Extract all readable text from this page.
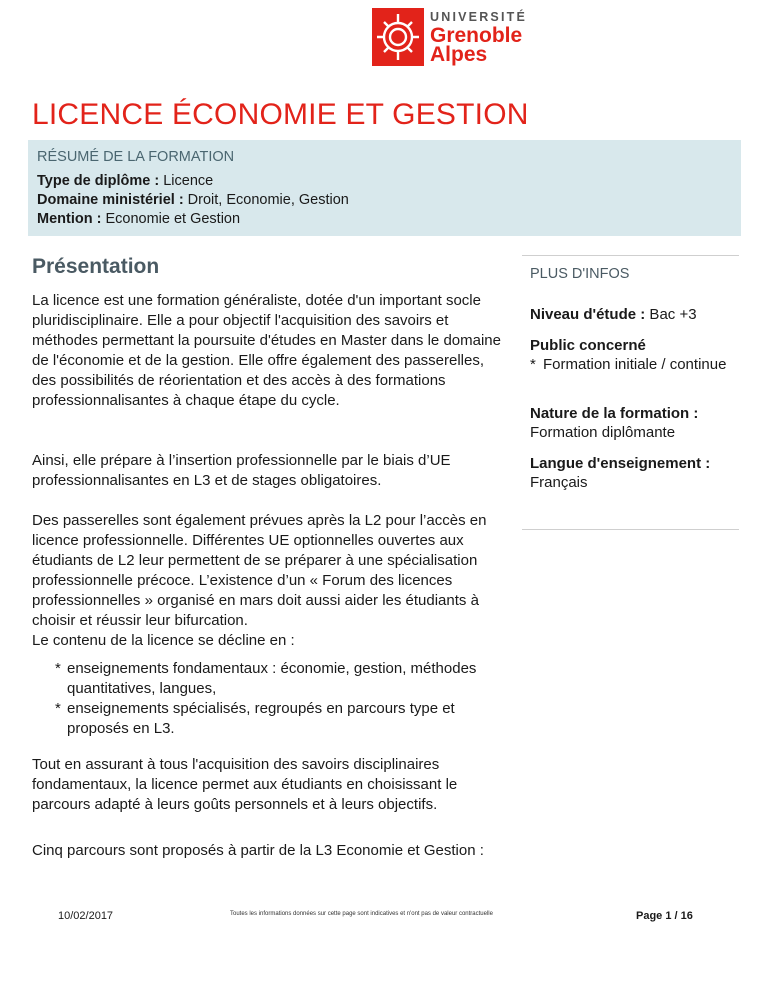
UNIVERSITÉ
Grenoble
Alpes
LICENCE ÉCONOMIE ET GESTION
RÉSUMÉ DE LA FORMATION
Type de diplôme : Licence
Domaine ministériel : Droit, Economie, Gestion
Mention : Economie et Gestion
Présentation

La licence est une formation généraliste, dotée d'un important socle pluridisciplinaire. Elle a pour objectif l'acquisition des savoirs et méthodes permettant la poursuite d'études en Master dans le domaine de l'économie et de la gestion. Elle offre également des passerelles, des possibilités de réorientation et des accès à des formations professionnalisantes à chaque étape du cycle.

Ainsi, elle prépare à l’insertion professionnelle par le biais d’UE professionnalisantes en L3 et de stages obligatoires.

Des passerelles sont également prévues après la L2 pour l’accès en licence professionnelle. Différentes UE optionnelles ouvertes aux étudiants de L2 leur permettent de se préparer à une spécialisation professionnelle précoce. L’existence d’un « Forum des licences professionnelles » organisé en mars doit aussi aider les étudiants à choisir et réussir leur bifurcation.

Le contenu de la licence se décline en :

* enseignements fondamentaux : économie, gestion, méthodes quantitatives, langues,
* enseignements spécialisés, regroupés en parcours type et proposés en L3.

Tout en assurant à tous l'acquisition des savoirs disciplinaires fondamentaux, la licence permet aux étudiants en choisissant le parcours adapté à leurs goûts personnels et à leurs objectifs.

Cinq parcours sont proposés à partir de la L3 Economie et Gestion :

PLUS D'INFOS
Niveau d'étude : Bac +3
Public concerné
* Formation initiale / continue
Nature de la formation :
Formation diplômante
Langue d'enseignement :
Français
10/02/2017	Toutes les informations données sur cette page sont indicatives et n'ont pas de valeur contractuelle	Page 1 / 16
